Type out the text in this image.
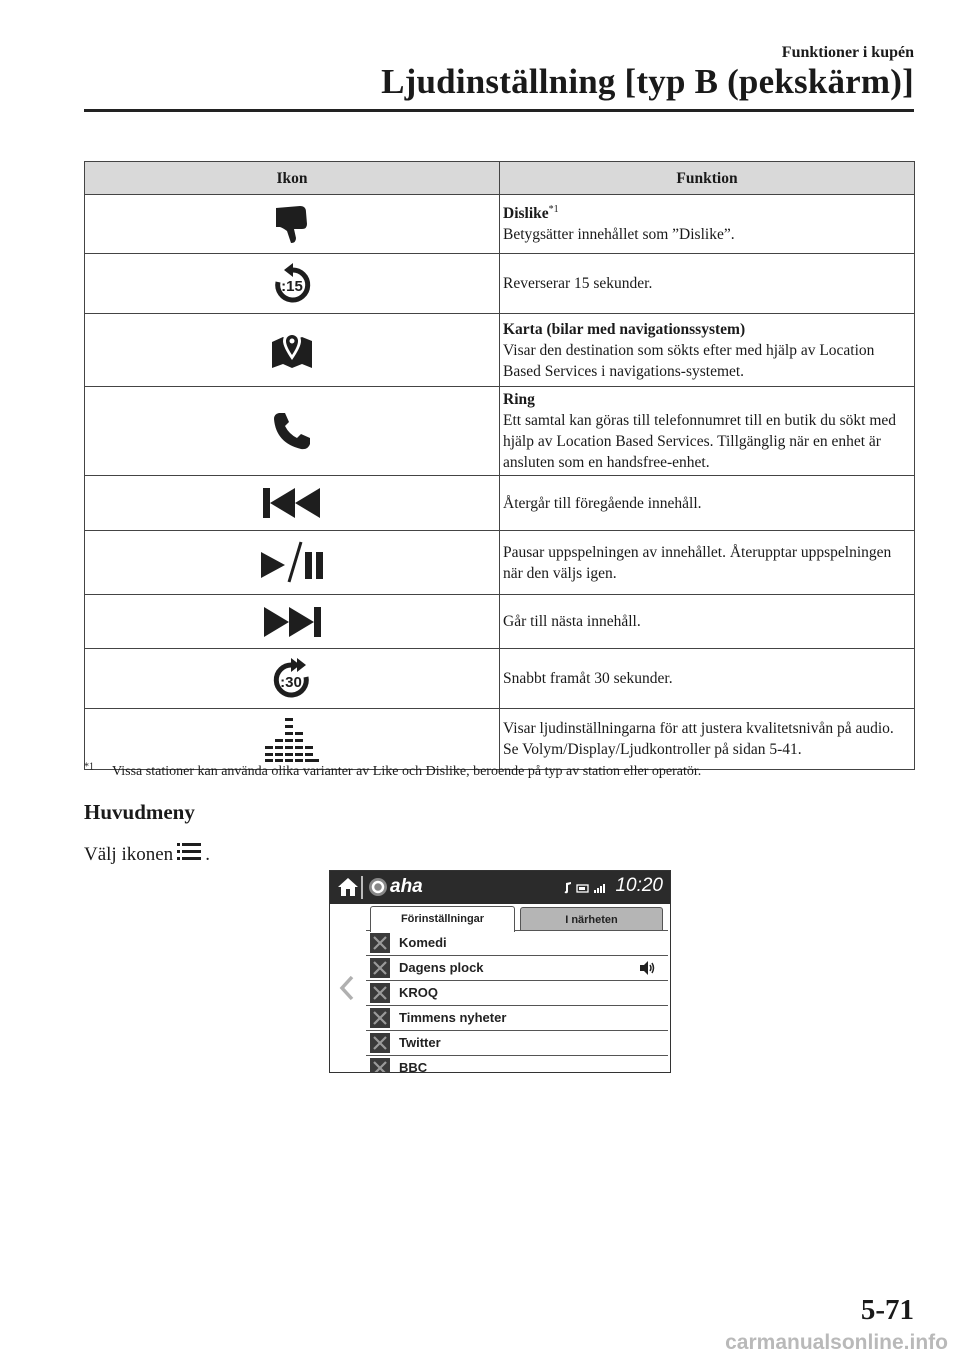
Funktioner i kupén
Ljudinställning [typ B (pekskärm)]
Ikon	Funktion

	Dislike$^{*1}$
Betygsätter innehållet som ”Dislike”.

:15	Reverserar 15 sekunder.

	Karta (bilar med navigationssystem)
Visar den destination som sökts efter med hjälp av Location Based Services i navigations-systemet.

	Ring
Ett samtal kan göras till telefonnumret till en butik du sökt med hjälp av Location Based Services. Tillgänglig när en enhet är ansluten som en handsfree-enhet.

	Återgår till föregående innehåll.

	Pausar uppspelningen av innehållet. Återupptar uppspelningen när den väljs igen.

	Går till nästa innehåll.

:30	Snabbt framåt 30 sekunder.

	Visar ljudinställningarna för att justera kvalitetsnivån på audio.
Se Volym/Display/Ljudkontroller på sidan 5-41.
$^{*1}$ Vissa stationer kan använda olika varianter av Like och Dislike, beroende på typ av station eller operatör.
Huvudmeny
Välj ikonen .
aha	10:20
Förinställningar	I närheten
Komedi
Dagens plock
KROQ
Timmens nyheter
Twitter
BBC
5-71
carmanualsonline.info
